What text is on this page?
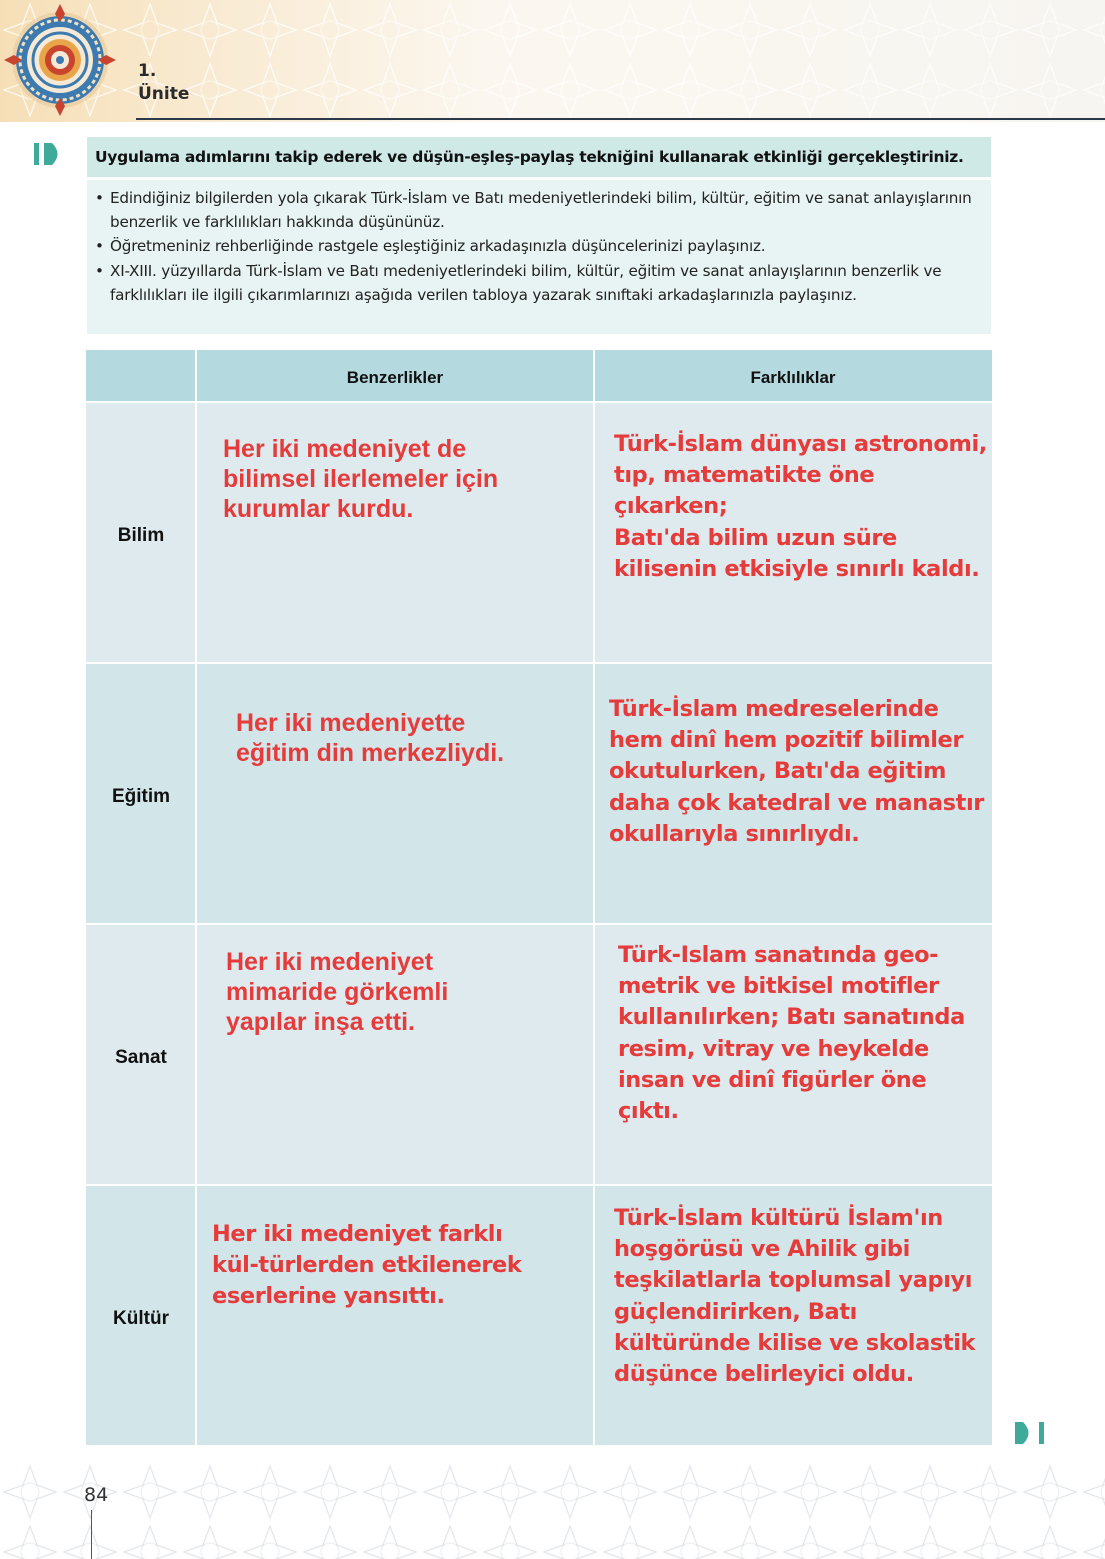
1.
Ünite
Uygulama adımlarını takip ederek ve düşün-eşleş-paylaş tekniğini kullanarak etkinliği gerçekleştiriniz.
• Edindiğiniz bilgilerden yola çıkarak Türk-İslam ve Batı medeniyetlerindeki bilim, kültür, eğitim ve sanat anlayışlarının benzerlik ve farklılıkları hakkında düşününüz.
• Öğretmeniniz rehberliğinde rastgele eşleştiğiniz arkadaşınızla düşüncelerinizi paylaşınız.
• XI-XIII. yüzyıllarda Türk-İslam ve Batı medeniyetlerindeki bilim, kültür, eğitim ve sanat anlayışlarının benzerlik ve farklılıkları ile ilgili çıkarımlarınızı aşağıda verilen tabloya yazarak sınıftaki arkadaşlarınızla paylaşınız.
Benzerlikler	Farklılıklar
Bilim
Eğitim
Sanat
Kültür
Her iki medeniyet de
bilimsel ilerlemeler için
kurumlar kurdu.
Her iki medeniyette
eğitim din merkezliydi.
Her iki medeniyet
mimaride görkemli
yapılar inşa etti.
Her iki medeniyet farklı
kül-türlerden etkilenerek
eserlerine yansıttı.
Türk-İslam dünyası astronomi,
tıp, matematikte öne çıkarken;
Batı'da bilim uzun süre
kilisenin etkisiyle sınırlı kaldı.
Türk-İslam medreselerinde
hem dinî hem pozitif bilimler
okutulurken, Batı'da eğitim
daha çok katedral ve manastır
okullarıyla sınırlıydı.
Türk-Islam sanatında geo-
metrik ve bitkisel motifler
kullanılırken; Batı sanatında
resim, vitray ve heykelde
insan ve dinî figürler öne çıktı.
Türk-İslam kültürü İslam'ın
hoşgörüsü ve Ahilik gibi
teşkilatlarla toplumsal yapıyı
güçlendirirken, Batı
kültüründe kilise ve skolastik
düşünce belirleyici oldu.
84
